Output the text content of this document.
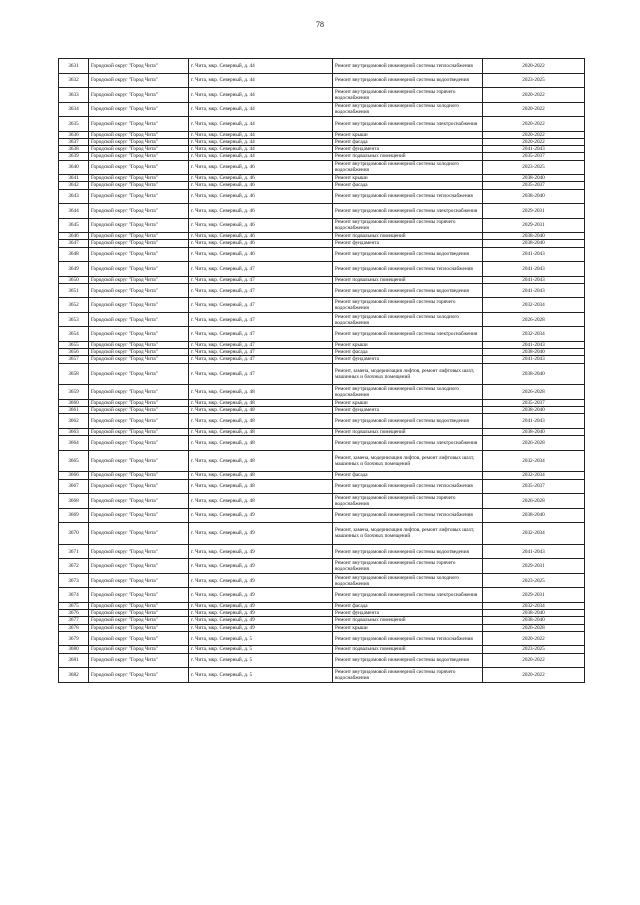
78
3631	Городской округ "Город Чита"	г. Чита, мкр. Северный, д. 44	Ремонт внутридомовой инженерной системы теплоснабжения	2020-2022
3632	Городской округ "Город Чита"	г. Чита, мкр. Северный, д. 44	Ремонт внутридомовой инженерной системы водоотведения	2023-2025
3633	Городской округ "Город Чита"	г. Чита, мкр. Северный, д. 44	Ремонт внутридомовой инженерной системы горячего водоснабжения	2020-2022
3634	Городской округ "Город Чита"	г. Чита, мкр. Северный, д. 44	Ремонт внутридомовой инженерной системы холодного водоснабжения	2020-2022
3635	Городской округ "Город Чита"	г. Чита, мкр. Северный, д. 44	Ремонт внутридомовой инженерной системы электроснабжения	2020-2022
3636	Городской округ "Город Чита"	г. Чита, мкр. Северный, д. 44	Ремонт крыши	2020-2022
3637	Городской округ "Город Чита"	г. Чита, мкр. Северный, д. 44	Ремонт фасада	2020-2022
3638	Городской округ "Город Чита"	г. Чита, мкр. Северный, д. 44	Ремонт фундамента	2041-2043
3639	Городской округ "Город Чита"	г. Чита, мкр. Северный, д. 44	Ремонт подвальных помещений	2035-2037
3640	Городской округ "Город Чита"	г. Чита, мкр. Северный, д. 46	Ремонт внутридомовой инженерной системы холодного водоснабжения	2023-2025
3641	Городской округ "Город Чита"	г. Чита, мкр. Северный, д. 46	Ремонт крыши	2038-2040
3642	Городской округ "Город Чита"	г. Чита, мкр. Северный, д. 46	Ремонт фасада	2035-2037
3643	Городской округ "Город Чита"	г. Чита, мкр. Северный, д. 46	Ремонт внутридомовой инженерной системы теплоснабжения	2038-2040
3644	Городской округ "Город Чита"	г. Чита, мкр. Северный, д. 46	Ремонт внутридомовой инженерной системы электроснабжения	2029-2031
3645	Городской округ "Город Чита"	г. Чита, мкр. Северный, д. 46	Ремонт внутридомовой инженерной системы горячего водоснабжения	2029-2031
3646	Городской округ "Город Чита"	г. Чита, мкр. Северный, д. 46	Ремонт подвальных помещений	2038-2040
3647	Городской округ "Город Чита"	г. Чита, мкр. Северный, д. 46	Ремонт фундамента	2038-2040
3648	Городской округ "Город Чита"	г. Чита, мкр. Северный, д. 46	Ремонт внутридомовой инженерной системы водоотведения	2041-2043
3649	Городской округ "Город Чита"	г. Чита, мкр. Северный, д. 47	Ремонт внутридомовой инженерной системы теплоснабжения	2041-2043
3650	Городской округ "Город Чита"	г. Чита, мкр. Северный, д. 47	Ремонт подвальных помещений	2041-2043
3651	Городской округ "Город Чита"	г. Чита, мкр. Северный, д. 47	Ремонт внутридомовой инженерной системы водоотведения	2041-2043
3652	Городской округ "Город Чита"	г. Чита, мкр. Северный, д. 47	Ремонт внутридомовой инженерной системы горячего водоснабжения	2032-2034
3653	Городской округ "Город Чита"	г. Чита, мкр. Северный, д. 47	Ремонт внутридомовой инженерной системы холодного водоснабжения	2026-2028
3654	Городской округ "Город Чита"	г. Чита, мкр. Северный, д. 47	Ремонт внутридомовой инженерной системы электроснабжения	2032-2034
3655	Городской округ "Город Чита"	г. Чита, мкр. Северный, д. 47	Ремонт крыши	2041-2043
3656	Городской округ "Город Чита"	г. Чита, мкр. Северный, д. 47	Ремонт фасада	2038-2040
3657	Городской округ "Город Чита"	г. Чита, мкр. Северный, д. 47	Ремонт фундамента	2041-2043
3658	Городской округ "Город Чита"	г. Чита, мкр. Северный, д. 47	Ремонт, замена, модернизация лифтов, ремонт лифтовых шахт, машинных и блочных помещений	2038-2040
3659	Городской округ "Город Чита"	г. Чита, мкр. Северный, д. 48	Ремонт внутридомовой инженерной системы холодного водоснабжения	2026-2028
3660	Городской округ "Город Чита"	г. Чита, мкр. Северный, д. 48	Ремонт крыши	2035-2037
3661	Городской округ "Город Чита"	г. Чита, мкр. Северный, д. 48	Ремонт фундамента	2038-2040
3662	Городской округ "Город Чита"	г. Чита, мкр. Северный, д. 48	Ремонт внутридомовой инженерной системы водоотведения	2041-2043
3663	Городской округ "Город Чита"	г. Чита, мкр. Северный, д. 48	Ремонт подвальных помещений	2038-2040
3664	Городской округ "Город Чита"	г. Чита, мкр. Северный, д. 48	Ремонт внутридомовой инженерной системы электроснабжения	2026-2028
3665	Городской округ "Город Чита"	г. Чита, мкр. Северный, д. 48	Ремонт, замена, модернизация лифтов, ремонт лифтовых шахт, машинных и блочных помещений	2032-2034
3666	Городской округ "Город Чита"	г. Чита, мкр. Северный, д. 48	Ремонт фасада	2032-2034
3667	Городской округ "Город Чита"	г. Чита, мкр. Северный, д. 48	Ремонт внутридомовой инженерной системы теплоснабжения	2035-2037
3668	Городской округ "Город Чита"	г. Чита, мкр. Северный, д. 48	Ремонт внутридомовой инженерной системы горячего водоснабжения	2026-2028
3669	Городской округ "Город Чита"	г. Чита, мкр. Северный, д. 49	Ремонт внутридомовой инженерной системы теплоснабжения	2038-2040
3670	Городской округ "Город Чита"	г. Чита, мкр. Северный, д. 49	Ремонт, замена, модернизация лифтов, ремонт лифтовых шахт, машинных и блочных помещений	2032-2034
3671	Городской округ "Город Чита"	г. Чита, мкр. Северный, д. 49	Ремонт внутридомовой инженерной системы водоотведения	2041-2043
3672	Городской округ "Город Чита"	г. Чита, мкр. Северный, д. 49	Ремонт внутридомовой инженерной системы горячего водоснабжения	2029-2031
3673	Городской округ "Город Чита"	г. Чита, мкр. Северный, д. 49	Ремонт внутридомовой инженерной системы холодного водоснабжения	2023-2025
3674	Городской округ "Город Чита"	г. Чита, мкр. Северный, д. 49	Ремонт внутридомовой инженерной системы электроснабжения	2029-2031
3675	Городской округ "Город Чита"	г. Чита, мкр. Северный, д. 49	Ремонт фасада	2032-2034
3676	Городской округ "Город Чита"	г. Чита, мкр. Северный, д. 49	Ремонт фундамента	2038-2040
3677	Городской округ "Город Чита"	г. Чита, мкр. Северный, д. 49	Ремонт подвальных помещений	2038-2040
3678	Городской округ "Город Чита"	г. Чита, мкр. Северный, д. 49	Ремонт крыши	2026-2028
3679	Городской округ "Город Чита"	г. Чита, мкр. Северный, д. 5	Ремонт внутридомовой инженерной системы теплоснабжения	2020-2022
3680	Городской округ "Город Чита"	г. Чита, мкр. Северный, д. 5	Ремонт подвальных помещений	2023-2025
3681	Городской округ "Город Чита"	г. Чита, мкр. Северный, д. 5	Ремонт внутридомовой инженерной системы водоотведения	2020-2022
3682	Городской округ "Город Чита"	г. Чита, мкр. Северный, д. 5	Ремонт внутридомовой инженерной системы горячего водоснабжения	2020-2022
